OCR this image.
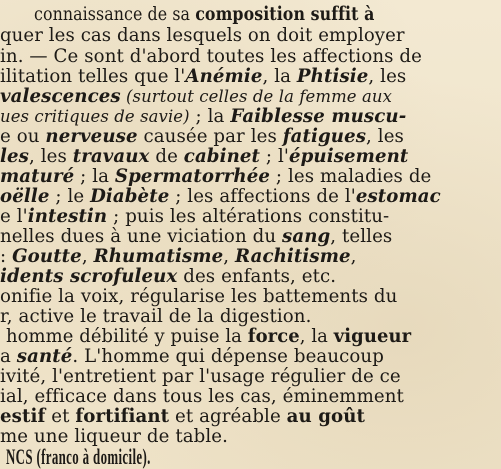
connaissance de sa composition suffit à
quer les cas dans lesquels on doit employer
in. — Ce sont d'abord toutes les affections de
ilitation telles que l'Anémie, la Phtisie, les
valescences (surtout celles de la femme aux
ues critiques de savie) ; la Faiblesse muscu-
e ou nerveuse causée par les fatigues, les
les, les travaux de cabinet ; l'épuisement
maturé ; la Spermatorrhée ; les maladies de
oëlle ; le Diabète ; les affections de l'estomac
e l'intestin ; puis les altérations constitu-
nelles dues à une viciation du sang, telles
: Goutte, Rhumatisme, Rachitisme,
idents scrofuleux des enfants, etc.
onifie la voix, régularise les battements du
r, active le travail de la digestion.
homme débilité y puise la force, la vigueur
a santé. L'homme qui dépense beaucoup
ivité, l'entretient par l'usage régulier de ce
ial, efficace dans tous les cas, éminemment
estif et fortifiant et agréable au goût
me une liqueur de table.
NCS (franco à domicile).
